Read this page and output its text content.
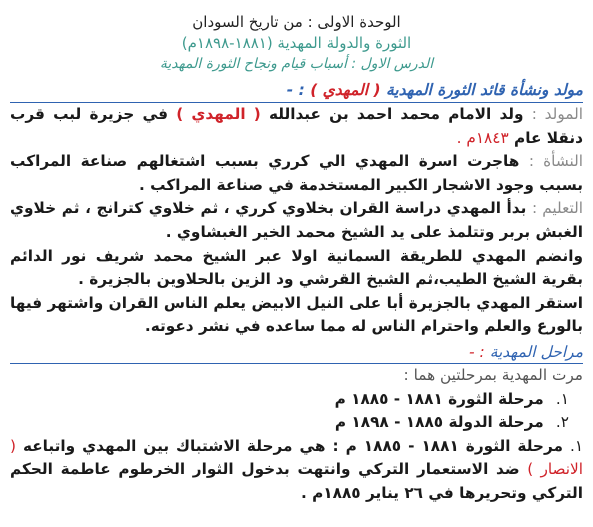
الوحدة الاولى : من تاريخ السودان
الثورة والدولة المهدية (١٨٨١-١٨٩٨م)
الدرس الاول : أسباب قيام ونجاح الثورة المهدية
مولد ونشأة قائد الثورة المهدية ( المهدي ) : -

المولد : ولد الامام محمد احمد بن عبدالله ( المهدي ) في جزيرة لبب قرب دنقلا عام ١٨٤٣م .

النشأة : هاجرت اسرة المهدي الي كرري بسبب اشتغالهم صناعة المراكب بسبب وجود الاشجار الكبير المستخدمة في صناعة المراكب .

التعليم : بدأ المهدي دراسة القران بخلاوي كرري ، ثم خلاوي كترانج ، ثم خلاوي الغبش بربر وتتلمذ على يد الشيخ محمد الخير الغبشاوي .

وانضم المهدي للطريقة السمانية اولا عبر الشيخ محمد شريف نور الدائم بقرية الشيخ الطيب،ثم الشيخ القرشي ود الزين بالحلاوين بالجزيرة .

استقر المهدي بالجزيرة أبا على النيل الابيض يعلم الناس القران واشتهر فيها بالورع والعلم واحترام الناس له مما ساعده في نشر دعوته.

مراحل المهدية : -
مرت المهدية بمرحلتين هما :
١. مرحلة الثورة ١٨٨١ - ١٨٨٥ م
٢. مرحلة الدولة ١٨٨٥ - ١٨٩٨ م

١. مرحلة الثورة ١٨٨١ - ١٨٨٥ م : هي مرحلة الاشتباك بين المهدي واتباعه ( الانصار ) ضد الاستعمار التركي وانتهت بدخول الثوار الخرطوم عاطمة الحكم التركي وتحريرها في ٢٦ يناير ١٨٨٥م .
